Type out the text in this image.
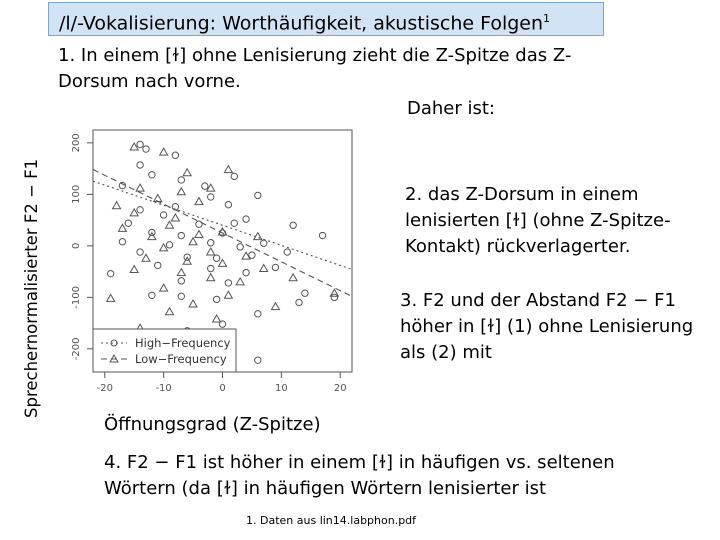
/l/-Vokalisierung: Worthäufigkeit, akustische Folgen$^1$
1. In einem [ɫ] ohne Lenisierung zieht die Z-Spitze das Z-Dorsum nach vorne.
Daher ist:
2. das Z-Dorsum in einem lenisierten [ɫ] (ohne Z-Spitze-Kontakt) rückverlagerter.
3. F2 und der Abstand F2 − F1 höher in [ɫ] (1) ohne Lenisierung als (2) mit
4. F2 − F1 ist höher in einem [ɫ] in häufigen vs. seltenen Wörtern (da [ɫ] in häufigen Wörtern lenisierter ist
-20	-10	0	10	20
-200
-100
0
100
200
High−Frequency
Low−Frequency
Sprechernormalisierter F2 − F1
Öffnungsgrad (Z-Spitze)
1. Daten aus lin14.labphon.pdf
